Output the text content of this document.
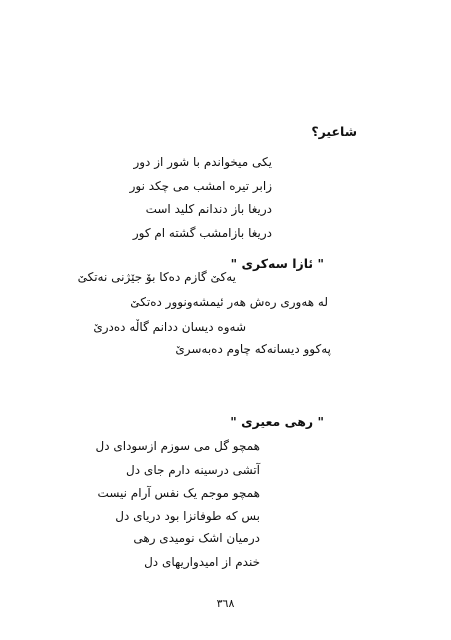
شاعیر؟
یکی میخواندم با شور از دور
زابر تیره امشب می چکد نور
دریغا باز دندانم کلید است
دریغا بازامشب گشته ام کور
" ئازا سەکری "
یەکێ گازم دەکا بۆ جێژنی نەتکێ
لە هەوری رەش هەر ئیمشەونوور دەتکێ
شەوە دیسان ددانم گاڵە دەدرێ
پەکوو دیسانەکە چاوم دەبەسرێ
" رهی معیری "
همچو گل می سوزم ازسودای دل
آتشی درسینه دارم جای دل
همچو موجم یک نفس آرام نیست
بس که طوفانزا بود دریای دل
درمیان اشک نومیدی رهی
خندم از امیدواریهای دل
٣٦٨
